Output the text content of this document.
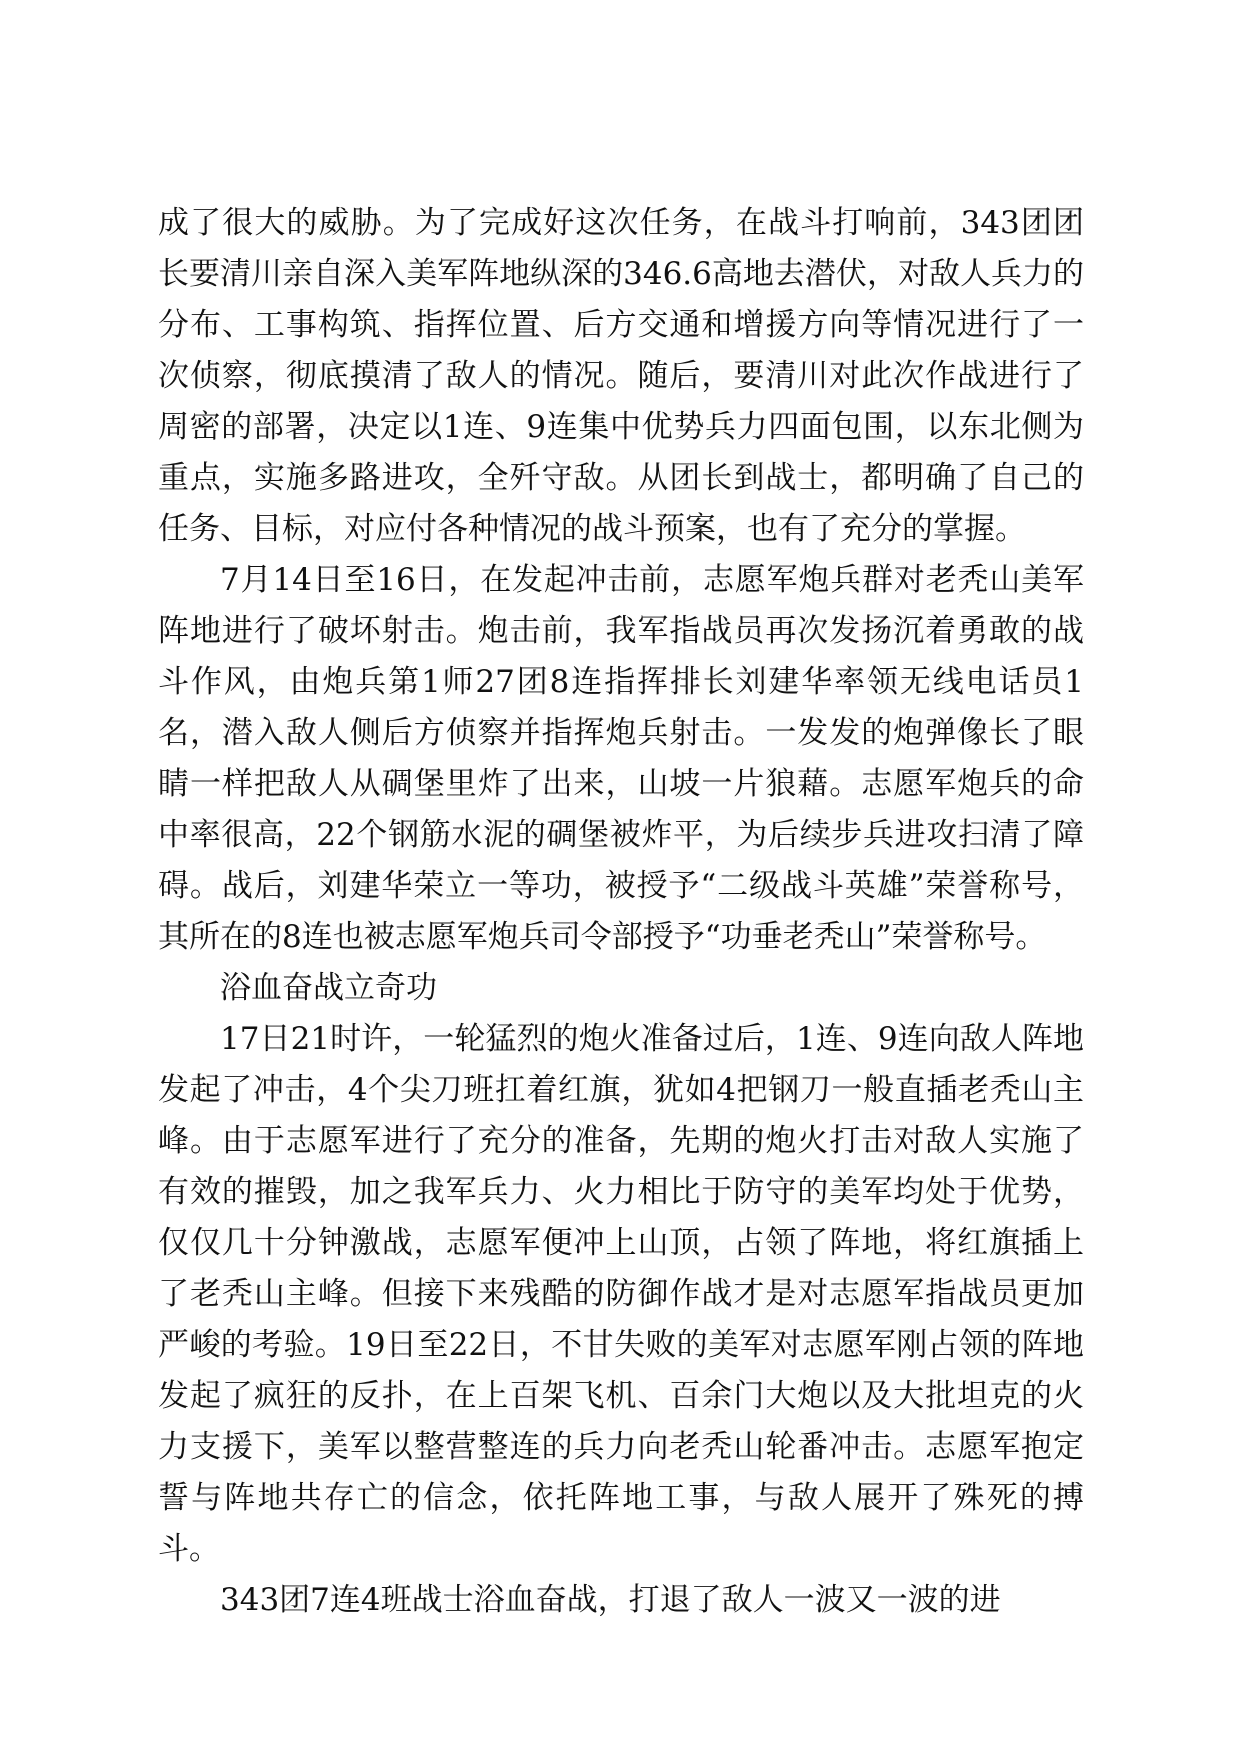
成了很大的威胁。为了完成好这次任务，在战斗打响前，343团团长要清川亲自深入美军阵地纵深的346.6高地去潜伏，对敌人兵力的分布、工事构筑、指挥位置、后方交通和增援方向等情况进行了一次侦察，彻底摸清了敌人的情况。随后，要清川对此次作战进行了周密的部署，决定以1连、9连集中优势兵力四面包围，以东北侧为重点，实施多路进攻，全歼守敌。从团长到战士，都明确了自己的任务、目标，对应付各种情况的战斗预案，也有了充分的掌握。

7月14日至16日，在发起冲击前，志愿军炮兵群对老秃山美军阵地进行了破坏射击。炮击前，我军指战员再次发扬沉着勇敢的战斗作风，由炮兵第1师27团8连指挥排长刘建华率领无线电话员1名，潜入敌人侧后方侦察并指挥炮兵射击。一发发的炮弹像长了眼睛一样把敌人从碉堡里炸了出来，山坡一片狼藉。志愿军炮兵的命中率很高，22个钢筋水泥的碉堡被炸平，为后续步兵进攻扫清了障碍。战后，刘建华荣立一等功，被授予“二级战斗英雄”荣誉称号，其所在的8连也被志愿军炮兵司令部授予“功垂老秃山”荣誉称号。

浴血奋战立奇功

17日21时许，一轮猛烈的炮火准备过后，1连、9连向敌人阵地发起了冲击，4个尖刀班扛着红旗，犹如4把钢刀一般直插老秃山主峰。由于志愿军进行了充分的准备，先期的炮火打击对敌人实施了有效的摧毁，加之我军兵力、火力相比于防守的美军均处于优势，仅仅几十分钟激战，志愿军便冲上山顶，占领了阵地，将红旗插上了老秃山主峰。但接下来残酷的防御作战才是对志愿军指战员更加严峻的考验。19日至22日，不甘失败的美军对志愿军刚占领的阵地发起了疯狂的反扑，在上百架飞机、百余门大炮以及大批坦克的火力支援下，美军以整营整连的兵力向老秃山轮番冲击。志愿军抱定誓与阵地共存亡的信念，依托阵地工事，与敌人展开了殊死的搏斗。

343团7连4班战士浴血奋战，打退了敌人一波又一波的进
